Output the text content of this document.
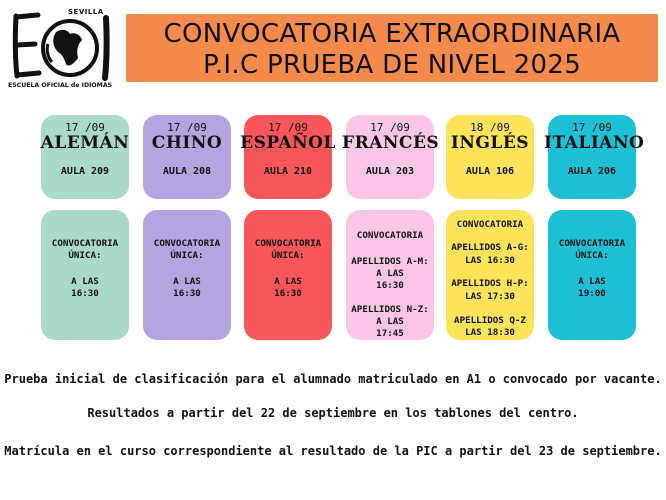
SEVILLA
ESCUELA OFICIAL de IDIOMAS
CONVOCATORIA EXTRAORDINARIA
P.I.C PRUEBA DE NIVEL 2025
17 /09
ALEMÁN
AULA 209
17 /09
CHINO
AULA 208
17 /09
ESPAÑOL
AULA 210
17 /09
FRANCÉS
AULA 203
18 /09
INGLÉS
AULA 106
17 /09
ITALIANO
AULA 206
CONVOCATORIA
ÚNICA:
A LAS
16:30
CONVOCATORIA
ÚNICA:
A LAS
16:30
CONVOCATORIA
ÚNICA:
A LAS
16:30
CONVOCATORIA
APELLIDOS A-M:
A LAS
16:30
APELLIDOS N-Z:
A LAS
17:45
CONVOCATORIA
APELLIDOS A-G:
LAS 16:30
APELLIDOS H-P:
LAS 17:30
APELLIDOS Q-Z
LAS 18:30
CONVOCATORIA
ÚNICA:
A LAS
19:00
Prueba inicial de clasificación para el alumnado matriculado en A1 o convocado por vacante.
Resultados a partir del 22 de septiembre en los tablones del centro.
Matrícula en el curso correspondiente al resultado de la PIC a partir del 23 de septiembre.
